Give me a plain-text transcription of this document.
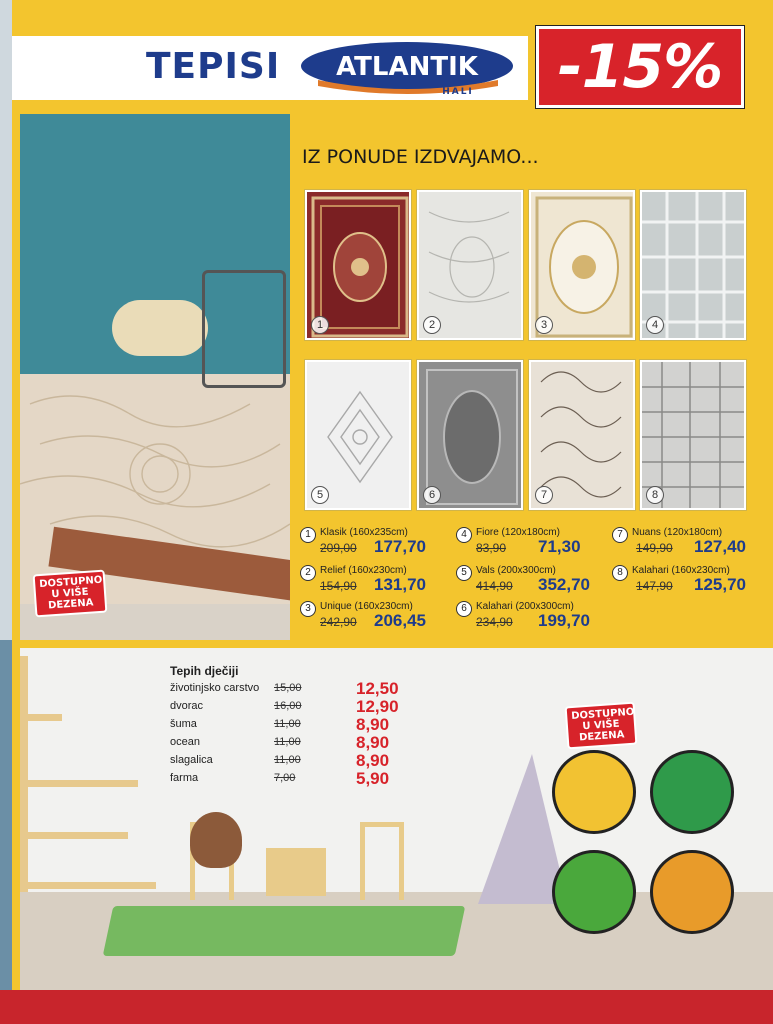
TEPISI ATLANTIK
HALI -15%
DOSTUPNO
U VIŠE
DEZENA
IZ PONUDE IZDVAJAMO...
1	2	3	4
5	6	7	8
1 Klasik (160x235cm)
209,00 177,70
2 Relief (160x230cm)
154,90 131,70
3 Unique (160x230cm)
242,90 206,45
4 Fiore (120x180cm)
83,90 71,30
5 Vals (200x300cm)
414,90 352,70
6 Kalahari (200x300cm)
234,90 199,70
7 Nuans (120x180cm)
149,90 127,40
8 Kalahari (160x230cm)
147,90 125,70
DOSTUPNO
U VIŠE
DEZENA
Tepih dječiji
životinjsko carstvo 15,00	12,50
dvorac	16,00	12,90
šuma	11,00	8,90
ocean	11,00	8,90
slagalica	11,00	8,90
farma	7,00	5,90
